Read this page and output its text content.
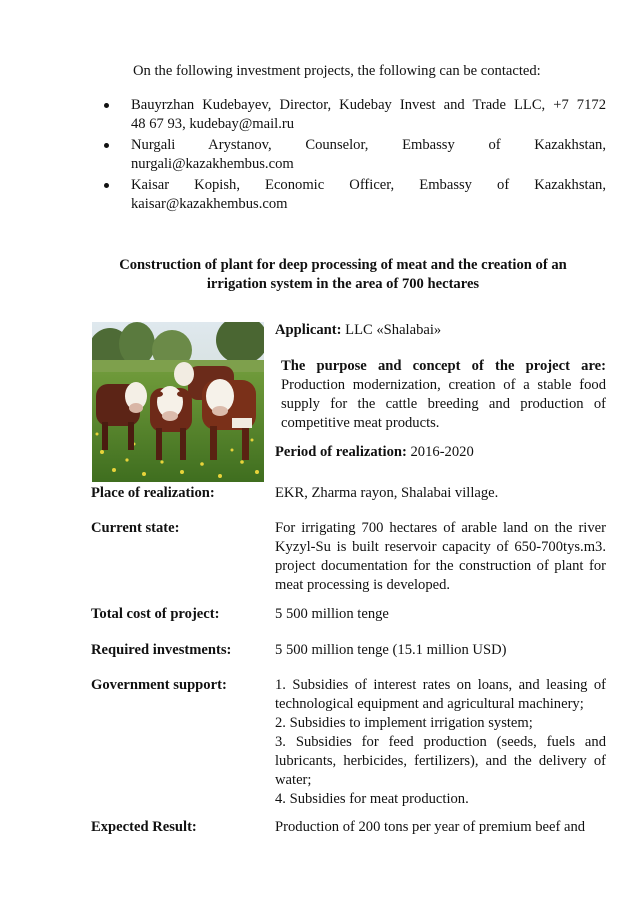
On the following investment projects, the following can be contacted:
Bauyrzhan Kudebayev, Director, Kudebay Invest and Trade LLC, +7 7172
48 67 93, kudebay@mail.ru
Nurgali Arystanov, Counselor, Embassy of Kazakhstan,
nurgali@kazakhembus.com
Kaisar Kopish, Economic Officer, Embassy of Kazakhstan,
kaisar@kazakhembus.com
Construction of plant for deep processing of meat and the creation of an
irrigation system in the area of 700 hectares
Applicant: LLC «Shalabai»
The purpose and concept of the project are:
Production modernization, creation of a stable food
supply for the cattle breeding and production of
competitive meat products.
Period of realization: 2016-2020
Place of realization:	EKR, Zharma rayon, Shalabai village.
Current state:	For irrigating 700 hectares of arable land on the river
Kyzyl-Su is built reservoir capacity of 650-700tys.m3.
project documentation for the construction of plant for
meat processing is developed.
Total cost of project:	5 500 million tenge
Required investments:	5 500 million tenge (15.1 million USD)
Government support:	1. Subsidies of interest rates on loans, and leasing of
technological equipment and agricultural machinery;
2. Subsidies to implement irrigation system;
3. Subsidies for feed production (seeds, fuels and
lubricants, herbicides, fertilizers), and the delivery of
water;
4. Subsidies for meat production.
Expected Result:	Production of 200 tons per year of premium beef and
